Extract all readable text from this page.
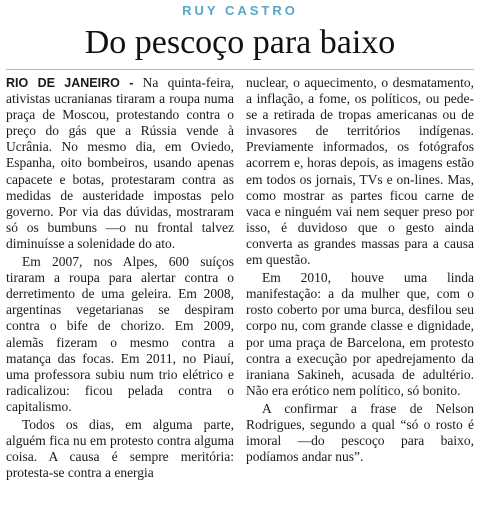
RUY CASTRO
Do pescoço para baixo

RIO DE JANEIRO - Na quinta-feira, ativistas ucranianas tiraram a roupa numa praça de Moscou, protestando contra o preço do gás que a Rússia vende à Ucrânia. No mesmo dia, em Oviedo, Espanha, oito bombeiros, usando apenas capacete e botas, protestaram contra as medidas de austeridade impostas pelo governo. Por via das dúvidas, mostraram só os bumbuns —o nu frontal talvez diminuísse a solenidade do ato.

Em 2007, nos Alpes, 600 suíços tiraram a roupa para alertar contra o derretimento de uma geleira. Em 2008, argentinas vegetarianas se despiram contra o bife de chorizo. Em 2009, alemãs fizeram o mesmo contra a matança das focas. Em 2011, no Piauí, uma professora subiu num trio elétrico e radicalizou: ficou pelada contra o capitalismo.

Todos os dias, em alguma parte, alguém fica nu em protesto contra alguma coisa. A causa é sempre meritória: protesta-se contra a energia

nuclear, o aquecimento, o desmatamento, a inflação, a fome, os políticos, ou pede-se a retirada de tropas americanas ou de invasores de territórios indígenas. Previamente informados, os fotógrafos acorrem e, horas depois, as imagens estão em todos os jornais, TVs e on-lines. Mas, como mostrar as partes ficou carne de vaca e ninguém vai nem sequer preso por isso, é duvidoso que o gesto ainda converta as grandes massas para a causa em questão.

Em 2010, houve uma linda manifestação: a da mulher que, com o rosto coberto por uma burca, desfilou seu corpo nu, com grande classe e dignidade, por uma praça de Barcelona, em protesto contra a execução por apedrejamento da iraniana Sakineh, acusada de adultério. Não era erótico nem político, só bonito.

A confirmar a frase de Nelson Rodrigues, segundo a qual “só o rosto é imoral —do pescoço para baixo, podíamos andar nus”.
